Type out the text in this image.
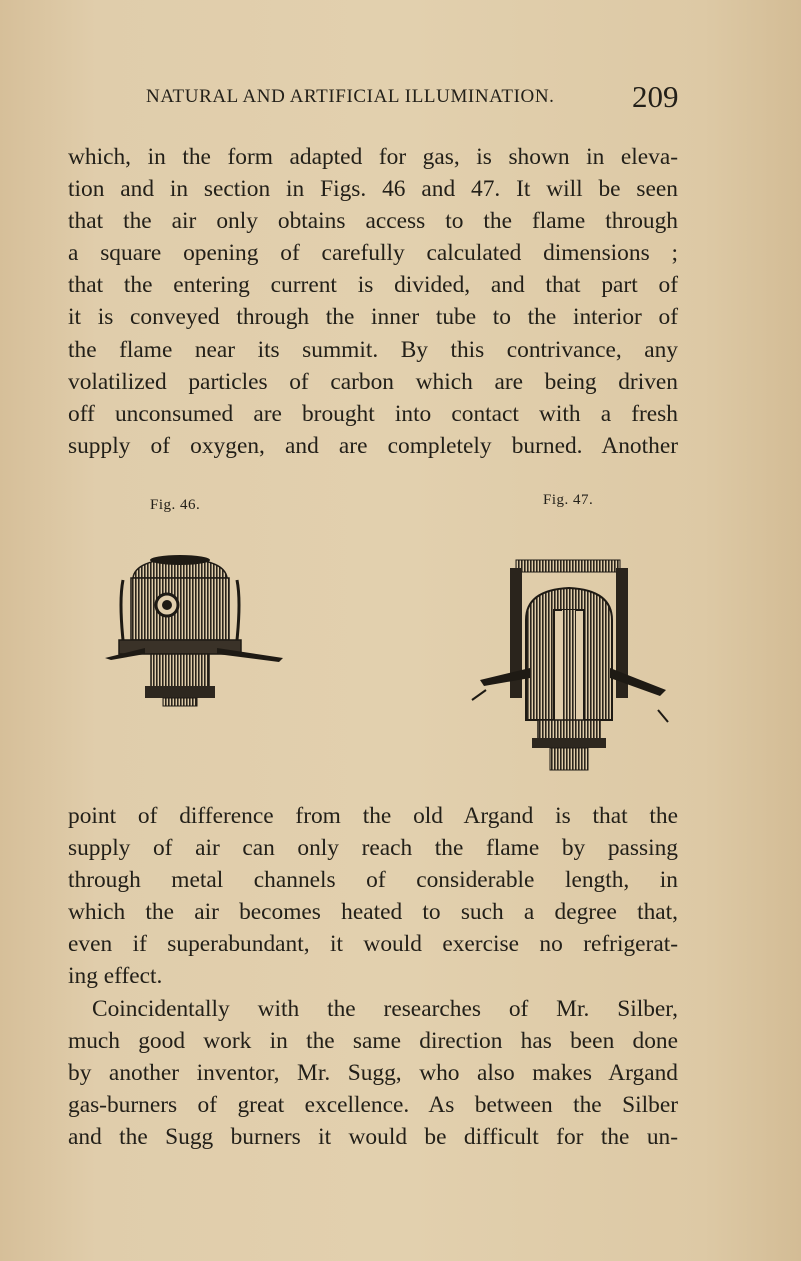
NATURAL AND ARTIFICIAL ILLUMINATION. 209
which, in the form adapted for gas, is shown in eleva-
tion and in section in Figs. 46 and 47. It will be seen
that the air only obtains access to the flame through
a square opening of carefully calculated dimensions ;
that the entering current is divided, and that part of
it is conveyed through the inner tube to the interior of
the flame near its summit. By this contrivance, any
volatilized particles of carbon which are being driven
off unconsumed are brought into contact with a fresh
supply of oxygen, and are completely burned. Another
Fig. 46.	Fig. 47.
point of difference from the old Argand is that the
supply of air can only reach the flame by passing
through metal channels of considerable length, in
which the air becomes heated to such a degree that,
even if superabundant, it would exercise no refrigerat-
ing effect.
Coincidentally with the researches of Mr. Silber,
much good work in the same direction has been done
by another inventor, Mr. Sugg, who also makes Argand
gas-burners of great excellence. As between the Silber
and the Sugg burners it would be difficult for the un-
